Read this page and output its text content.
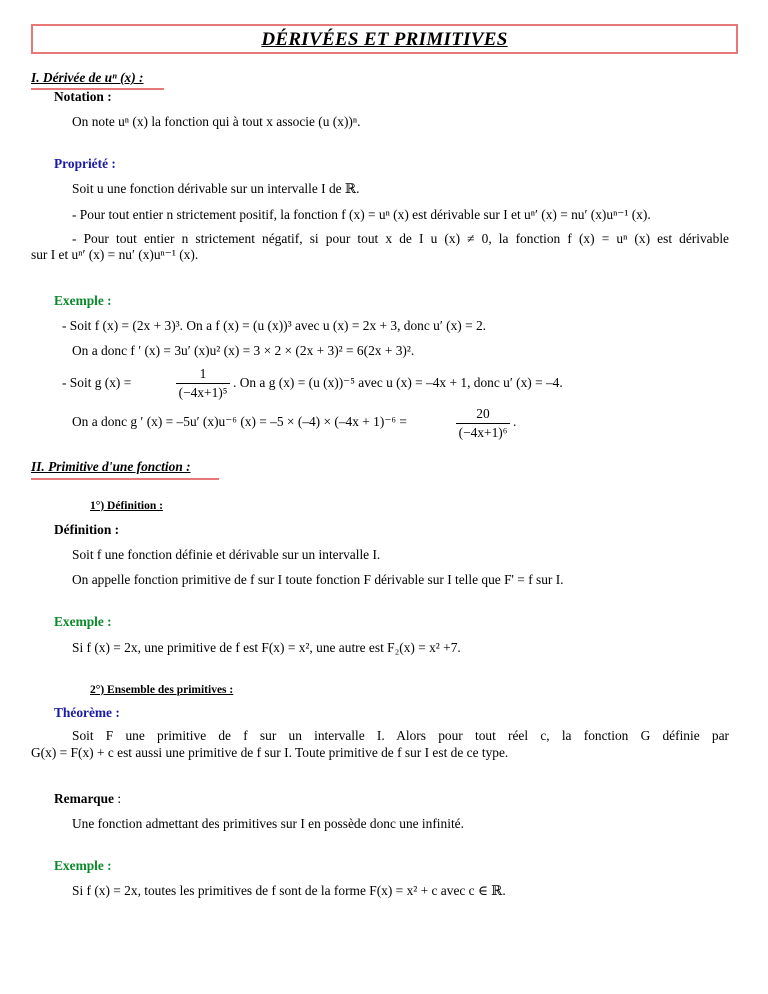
DÉRIVÉES ET PRIMITIVES
I. Dérivée de uⁿ (x) :
Notation :
On note uⁿ (x) la fonction qui à tout x associe (u (x))ⁿ.
Propriété :
Soit u une fonction dérivable sur un intervalle I de ℝ.
- Pour tout entier n strictement positif, la fonction f (x) = uⁿ (x) est dérivable sur I et uⁿ′ (x) = nu′ (x)uⁿ⁻¹ (x).
- Pour tout entier n strictement négatif, si pour tout x de I u (x) ≠ 0, la fonction f (x) = uⁿ (x) est dérivable
sur I et uⁿ′ (x) = nu′ (x)uⁿ⁻¹ (x).
Exemple :
- Soit f (x) = (2x + 3)³. On a f (x) = (u (x))³ avec u (x) = 2x + 3, donc u′ (x) = 2.
On a donc f ′ (x) = 3u′ (x)u² (x) = 3 × 2 × (2x + 3)² = 6(2x + 3)².
- Soit g (x) =
1
(−4x+1)⁵
. On a g (x) = (u (x))⁻⁵ avec u (x) = –4x + 1, donc u′ (x) = –4.
On a donc g ′ (x) = –5u′ (x)u⁻⁶ (x) = –5 × (–4) × (–4x + 1)⁻⁶ =
20
(−4x+1)⁶
.
II. Primitive d'une fonction :
1°) Définition :
Définition :
Soit f une fonction définie et dérivable sur un intervalle I.
On appelle fonction primitive de f sur I toute fonction F dérivable sur I telle que F' = f sur I.
Exemple :
Si f (x) = 2x, une primitive de f est F(x) = x², une autre est F₂(x) = x² +7.
2°) Ensemble des primitives :
Théorème :
Soit F une primitive de f sur un intervalle I. Alors pour tout réel c, la fonction G définie par
G(x) = F(x) + c est aussi une primitive de f sur I. Toute primitive de f sur I est de ce type.
Remarque :
Une fonction admettant des primitives sur I en possède donc une infinité.
Exemple :
Si f (x) = 2x, toutes les primitives de f sont de la forme F(x) = x² + c avec c ∈ ℝ.
